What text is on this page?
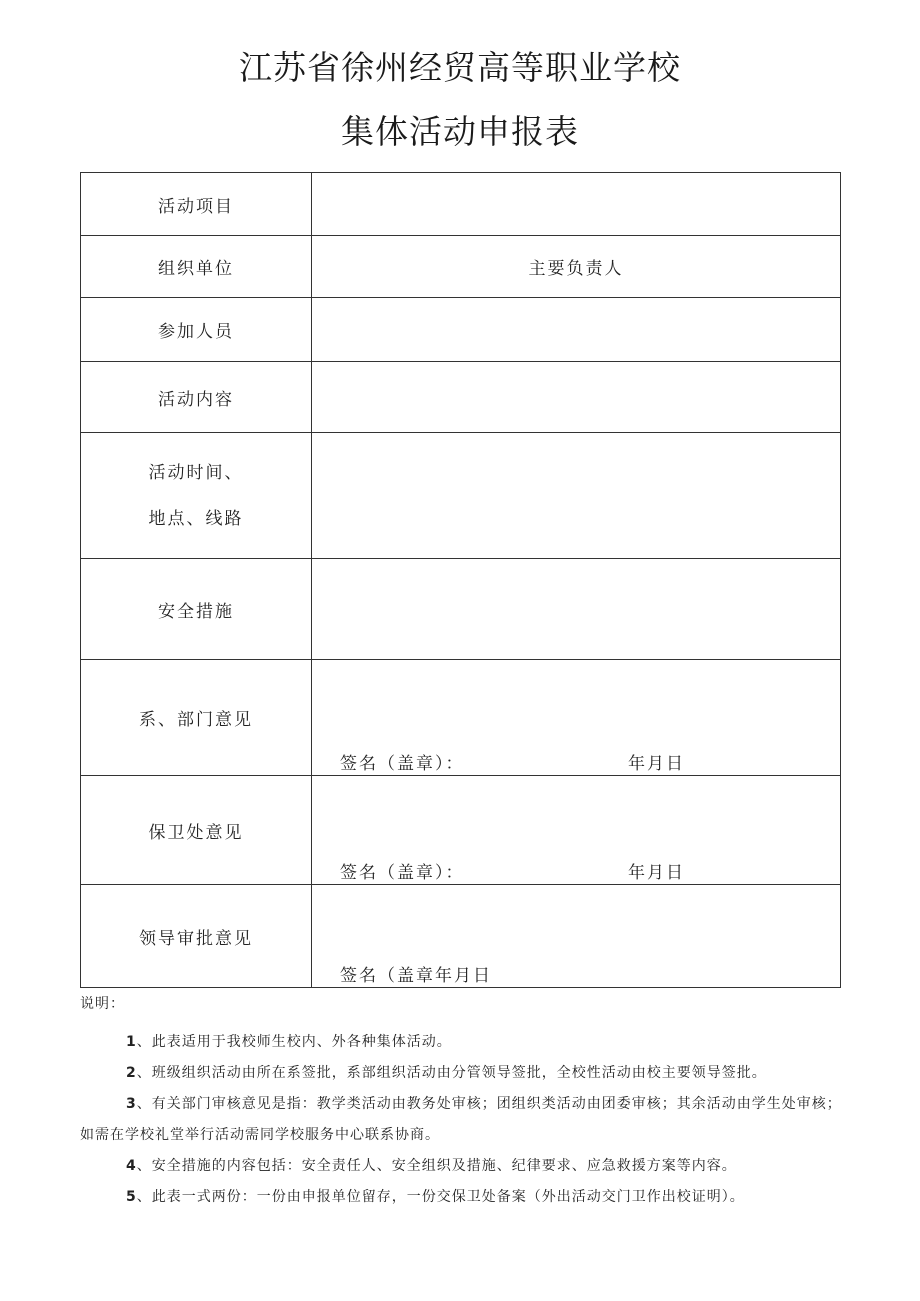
江苏省徐州经贸高等职业学校
集体活动申报表
活动项目	
组织单位	主要负责人
参加人员	
活动内容	

活动时间、
地点、线路	

安全措施	
系、部门意见	签名（盖章）： 年月日

保卫处意见	签名（盖章）： 年月日

领导审批意见	签名（盖章年月日

说明：

1、此表适用于我校师生校内、外各种集体活动。

2、班级组织活动由所在系签批，系部组织活动由分管领导签批，全校性活动由校主要领导签批。

3、有关部门审核意见是指：教学类活动由教务处审核；团组织类活动由团委审核；其余活动由学生处审核；

如需在学校礼堂举行活动需同学校服务中心联系协商。

4、安全措施的内容包括：安全责任人、安全组织及措施、纪律要求、应急救援方案等内容。

5、此表一式两份：一份由申报单位留存，一份交保卫处备案（外出活动交门卫作出校证明）。
